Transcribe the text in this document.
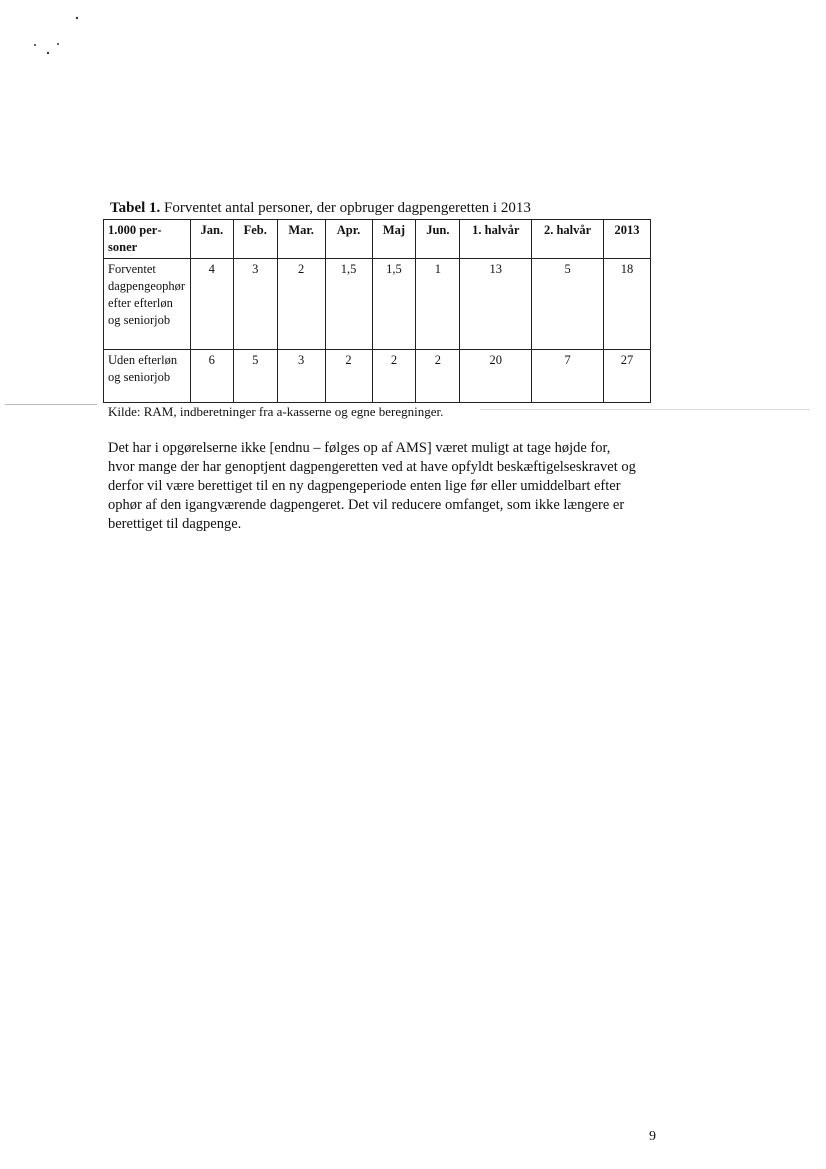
Tabel 1. Forventet antal personer, der opbruger dagpengeretten i 2013
1.000 personer	Jan.	Feb.	Mar.	Apr.	Maj	Jun.	1. halvår	2. halvår	2013
Forventet dagpengeophør efter efterløn og seniorjob	4	3	2	1,5	1,5	1	13	5	18
Uden efterløn og seniorjob	6	5	3	2	2	2	20	7	27
Kilde: RAM, indberetninger fra a-kasserne og egne beregninger.

Det har i opgørelserne ikke [endnu – følges op af AMS] været muligt at tage højde for, hvor mange der har genoptjent dagpengeretten ved at have opfyldt beskæftigelseskravet og derfor vil være berettiget til en ny dagpengeperiode enten lige før eller umiddelbart efter ophør af den igangværende dagpengeret. Det vil reducere omfanget, som ikke længere er berettiget til dagpenge.

9
